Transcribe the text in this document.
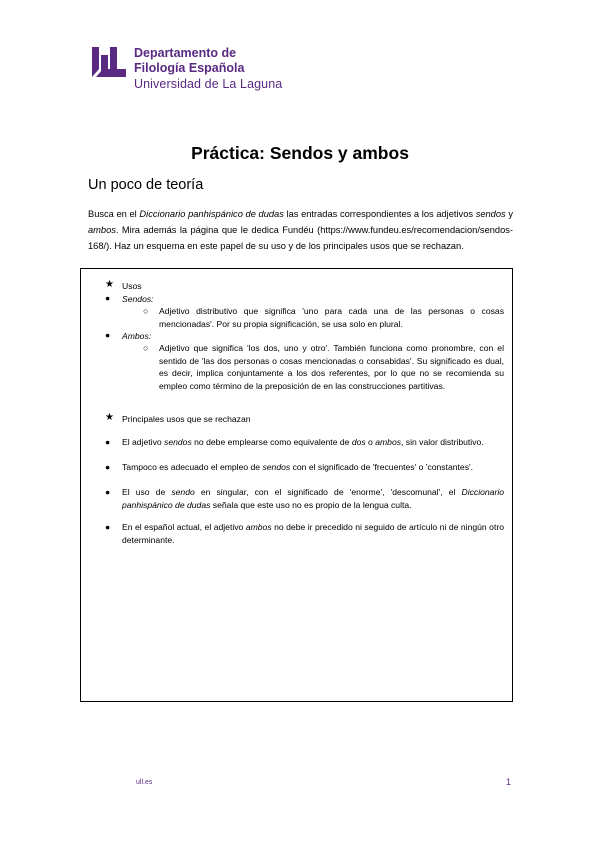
Departamento de
Filología Española
Universidad de La Laguna
Práctica: Sendos y ambos
Un poco de teoría
Busca en el Diccionario panhispánico de dudas las entradas correspondientes a los adjetivos sendos y ambos. Mira además la página que le dedica Fundéu (https://www.fundeu.es/recomendacion/sendos-168/). Haz un esquema en este papel de su uso y de los principales usos que se rechazan.
★ Usos
● Sendos:
○ Adjetivo distributivo que significa 'uno para cada una de las personas o cosas mencionadas'. Por su propia significación, se usa solo en plural.
● Ambos:
○ Adjetivo que significa 'los dos, uno y otro'. También funciona como pronombre, con el sentido de 'las dos personas o cosas mencionadas o consabidas'. Su significado es dual, es decir, implica conjuntamente a los dos referentes, por lo que no se recomienda su empleo como término de la preposición de en las construcciones partitivas.
★ Principales usos que se rechazan
● El adjetivo sendos no debe emplearse como equivalente de dos o ambos, sin valor distributivo.
● Tampoco es adecuado el empleo de sendos con el significado de 'frecuentes' o 'constantes'.
● El uso de sendo en singular, con el significado de 'enorme', 'descomunal', el Diccionario panhispánico de dudas señala que este uso no es propio de la lengua culta.
● En el español actual, el adjetivo ambos no debe ir precedido ni seguido de artículo ni de ningún otro determinante.
ull.es	1
